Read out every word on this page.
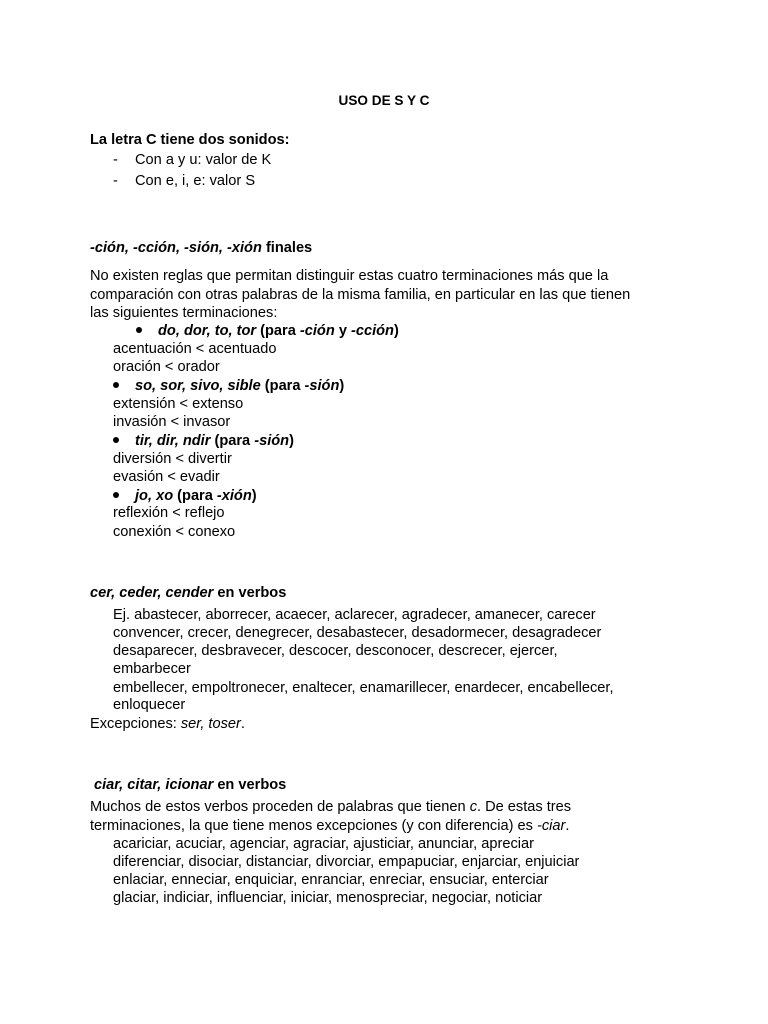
USO DE S Y C
La letra C tiene dos sonidos:
- Con a y u: valor de K
- Con e, i, e: valor S
-ción, -cción, -sión, -xión finales
No existen reglas que permitan distinguir estas cuatro terminaciones más que la
comparación con otras palabras de la misma familia, en particular en las que tienen
las siguientes terminaciones:
do, dor, to, tor (para -ción y -cción)
acentuación < acentuado
oración < orador
so, sor, sivo, sible (para -sión)
extensión < extenso
invasión < invasor
tir, dir, ndir (para -sión)
diversión < divertir
evasión < evadir
jo, xo (para -xión)
reflexión < reflejo
conexión < conexo
cer, ceder, cender en verbos
Ej. abastecer, aborrecer, acaecer, aclarecer, agradecer, amanecer, carecer
convencer, crecer, denegrecer, desabastecer, desadormecer, desagradecer
desaparecer, desbravecer, descocer, desconocer, descrecer, ejercer,
embarbecer
embellecer, empoltronecer, enaltecer, enamarillecer, enardecer, encabellecer,
enloquecer
Excepciones: ser, toser.
ciar, citar, icionar en verbos
Muchos de estos verbos proceden de palabras que tienen c. De estas tres
terminaciones, la que tiene menos excepciones (y con diferencia) es -ciar.
acariciar, acuciar, agenciar, agraciar, ajusticiar, anunciar, apreciar
diferenciar, disociar, distanciar, divorciar, empapuciar, enjarciar, enjuiciar
enlaciar, enneciar, enquiciar, enranciar, enreciar, ensuciar, enterciar
glaciar, indiciar, influenciar, iniciar, menospreciar, negociar, noticiar
